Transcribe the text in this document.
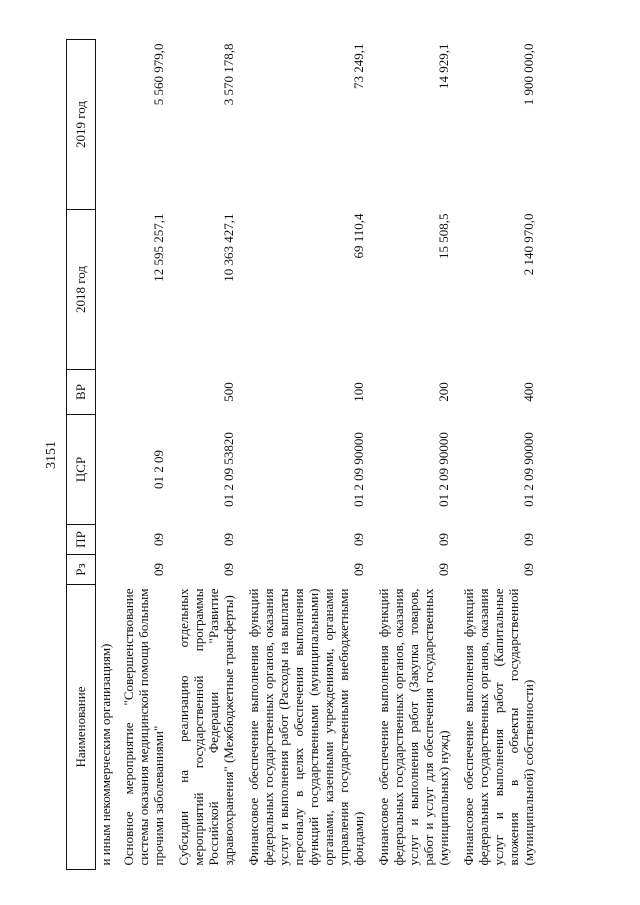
3151
Наименование	Рз	ПР	ЦСР	ВР	2018 год	2019 год
и иным некоммерческим организациям)						
Основное мероприятие "Совершенствование системы оказания медицинской помощи больным прочими заболеваниями"	09	09	01 2 09		12 595 257,1	5 560 979,0
Субсидии на реализацию отдельных мероприятий государственной программы Российской Федерации "Развитие здравоохранения" (Межбюджетные трансферты)	09	09	01 2 09 53820	500	10 363 427,1	3 570 178,8
Финансовое обеспечение выполнения функций федеральных государственных органов, оказания услуг и выполнения работ (Расходы на выплаты персоналу в целях обеспечения выполнения функций государственными (муниципальными) органами, казенными учреждениями, органами управления государственными внебюджетными фондами)	09	09	01 2 09 90000	100	69 110,4	73 249,1
Финансовое обеспечение выполнения функций федеральных государственных органов, оказания услуг и выполнения работ (Закупка товаров, работ и услуг для обеспечения государственных (муниципальных) нужд)	09	09	01 2 09 90000	200	15 508,5	14 929,1
Финансовое обеспечение выполнения функций федеральных государственных органов, оказания услуг и выполнения работ (Капитальные вложения в объекты государственной (муниципальной) собственности)	09	09	01 2 09 90000	400	2 140 970,0	1 900 000,0
